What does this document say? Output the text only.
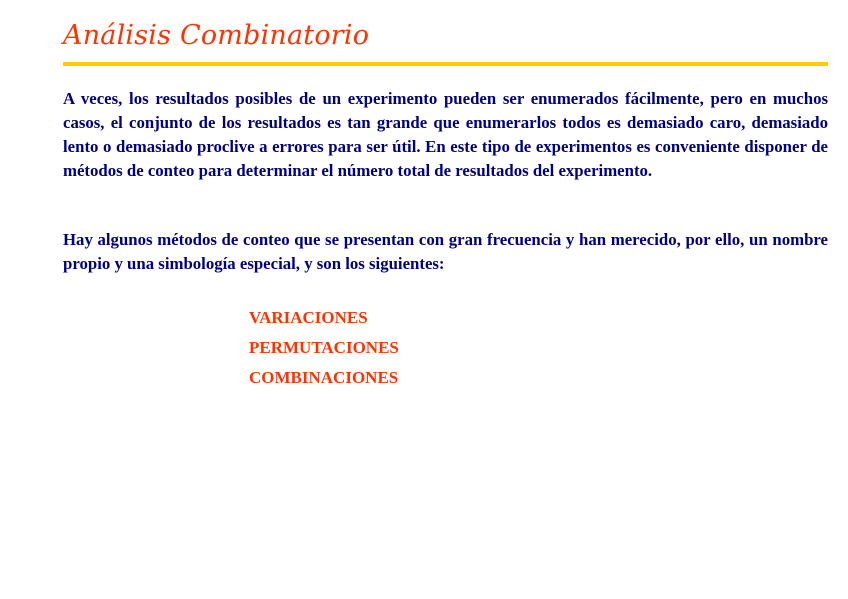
Análisis Combinatorio

A veces, los resultados posibles de un experimento pueden ser enumerados fácilmente, pero en muchos casos, el conjunto de los resultados es tan grande que enumerarlos todos es demasiado caro, demasiado lento o demasiado proclive a errores para ser útil. En este tipo de experimentos es conveniente disponer de métodos de conteo para determinar el número total de resultados del experimento.

Hay algunos métodos de conteo que se presentan con gran frecuencia y han merecido, por ello, un nombre propio y una simbología especial, y son los siguientes:

VARIACIONES
PERMUTACIONES
COMBINACIONES
